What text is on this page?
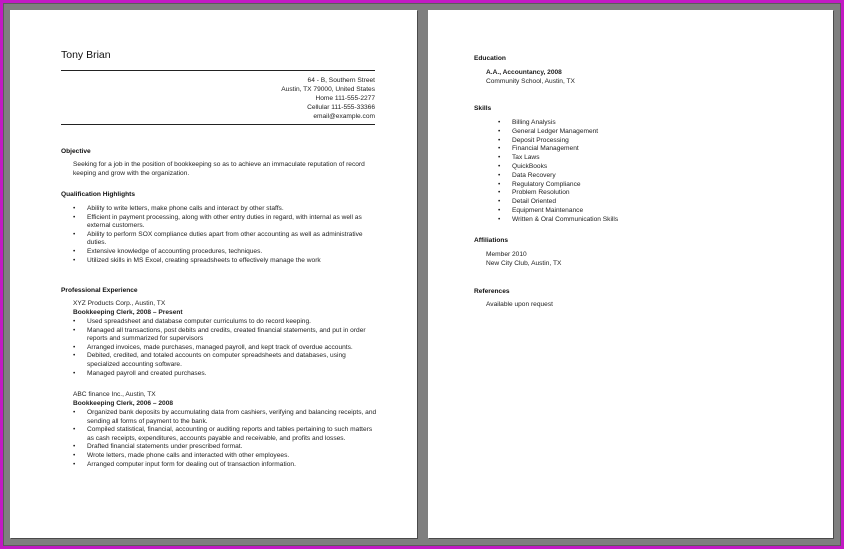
Tony Brian
64 - B, Southern Street
Austin, TX 79000, United States
Home 111-555-2277
Cellular 111-555-33366
email@example.com
Objective
Seeking for a job in the position of bookkeeping so as to achieve an immaculate reputation of record keeping and grow with the organization.
Qualification Highlights
• Ability to write letters, make phone calls and interact by other staffs.
• Efficient in payment processing, along with other entry duties in regard, with internal as well as external customers.
• Ability to perform SOX compliance duties apart from other accounting as well as administrative duties.
• Extensive knowledge of accounting procedures, techniques.
• Utilized skills in MS Excel, creating spreadsheets to effectively manage the work
Professional Experience
XYZ Products Corp., Austin, TX
Bookkeeping Clerk, 2008 – Present
• Used spreadsheet and database computer curriculums to do record keeping.
• Managed all transactions, post debits and credits, created financial statements, and put in order reports and summarized for supervisors
• Arranged invoices, made purchases, managed payroll, and kept track of overdue accounts.
• Debited, credited, and totaled accounts on computer spreadsheets and databases, using specialized accounting software.
• Managed payroll and created purchases.
ABC finance Inc., Austin, TX
Bookkeeping Clerk, 2006 – 2008
• Organized bank deposits by accumulating data from cashiers, verifying and balancing receipts, and sending all forms of payment to the bank.
• Compiled statistical, financial, accounting or auditing reports and tables pertaining to such matters as cash receipts, expenditures, accounts payable and receivable, and profits and losses.
• Drafted financial statements under prescribed format.
• Wrote letters, made phone calls and interacted with other employees.
• Arranged computer input form for dealing out of transaction information.
Education
A.A., Accountancy, 2008
Community School, Austin, TX
Skills
• Billing Analysis
• General Ledger Management
• Deposit Processing
• Financial Management
• Tax Laws
• QuickBooks
• Data Recovery
• Regulatory Compliance
• Problem Resolution
• Detail Oriented
• Equipment Maintenance
• Written & Oral Communication Skills
Affiliations
Member 2010
New City Club, Austin, TX
References
Available upon request
